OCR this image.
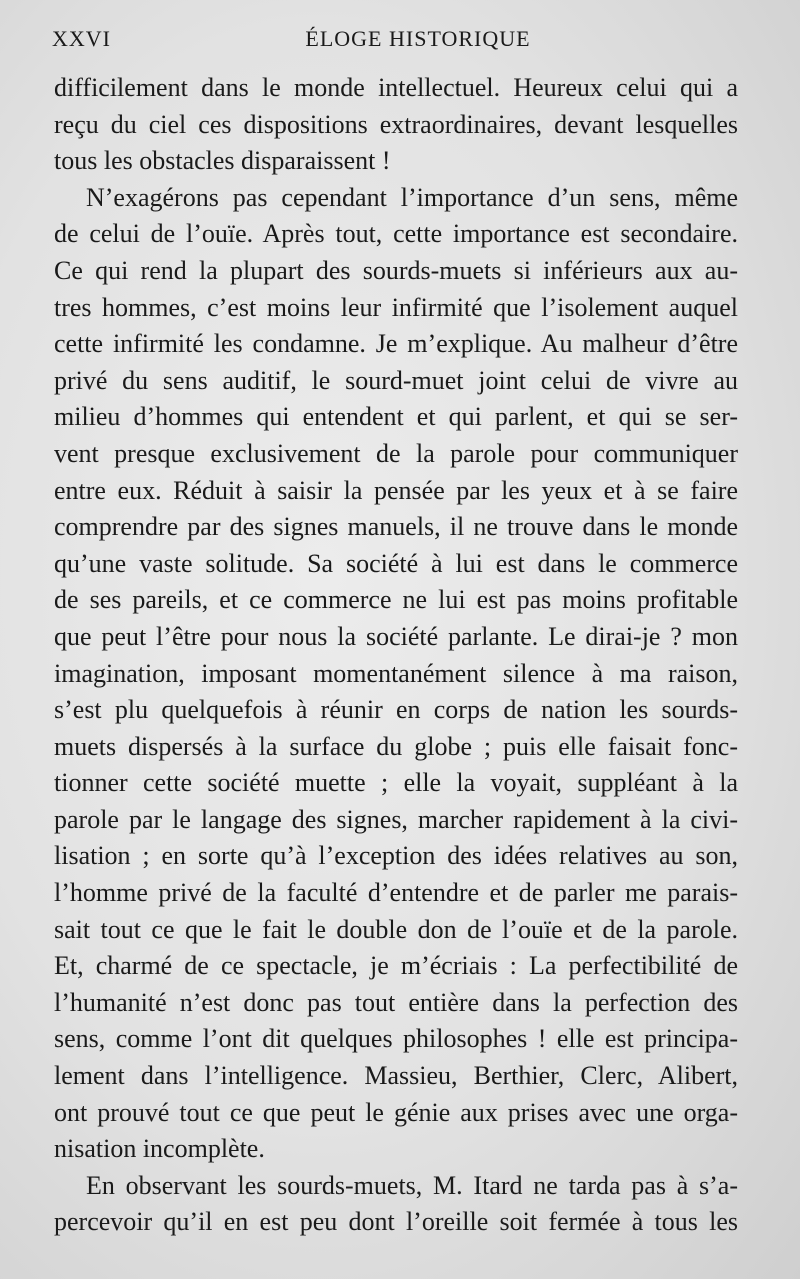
XXVI	ÉLOGE HISTORIQUE
difficilement dans le monde intellectuel. Heureux celui qui a
reçu du ciel ces dispositions extraordinaires, devant lesquelles
tous les obstacles disparaissent !
N’exagérons pas cependant l’importance d’un sens, même
de celui de l’ouïe. Après tout, cette importance est secondaire.
Ce qui rend la plupart des sourds-muets si inférieurs aux au-
tres hommes, c’est moins leur infirmité que l’isolement auquel
cette infirmité les condamne. Je m’explique. Au malheur d’être
privé du sens auditif, le sourd-muet joint celui de vivre au
milieu d’hommes qui entendent et qui parlent, et qui se ser-
vent presque exclusivement de la parole pour communiquer
entre eux. Réduit à saisir la pensée par les yeux et à se faire
comprendre par des signes manuels, il ne trouve dans le monde
qu’une vaste solitude. Sa société à lui est dans le commerce
de ses pareils, et ce commerce ne lui est pas moins profitable
que peut l’être pour nous la société parlante. Le dirai-je ? mon
imagination, imposant momentanément silence à ma raison,
s’est plu quelquefois à réunir en corps de nation les sourds-
muets dispersés à la surface du globe ; puis elle faisait fonc-
tionner cette société muette ; elle la voyait, suppléant à la
parole par le langage des signes, marcher rapidement à la civi-
lisation ; en sorte qu’à l’exception des idées relatives au son,
l’homme privé de la faculté d’entendre et de parler me parais-
sait tout ce que le fait le double don de l’ouïe et de la parole.
Et, charmé de ce spectacle, je m’écriais : La perfectibilité de
l’humanité n’est donc pas tout entière dans la perfection des
sens, comme l’ont dit quelques philosophes ! elle est principa-
lement dans l’intelligence. Massieu, Berthier, Clerc, Alibert,
ont prouvé tout ce que peut le génie aux prises avec une orga-
nisation incomplète.
En observant les sourds-muets, M. Itard ne tarda pas à s’a-
percevoir qu’il en est peu dont l’oreille soit fermée à tous les
